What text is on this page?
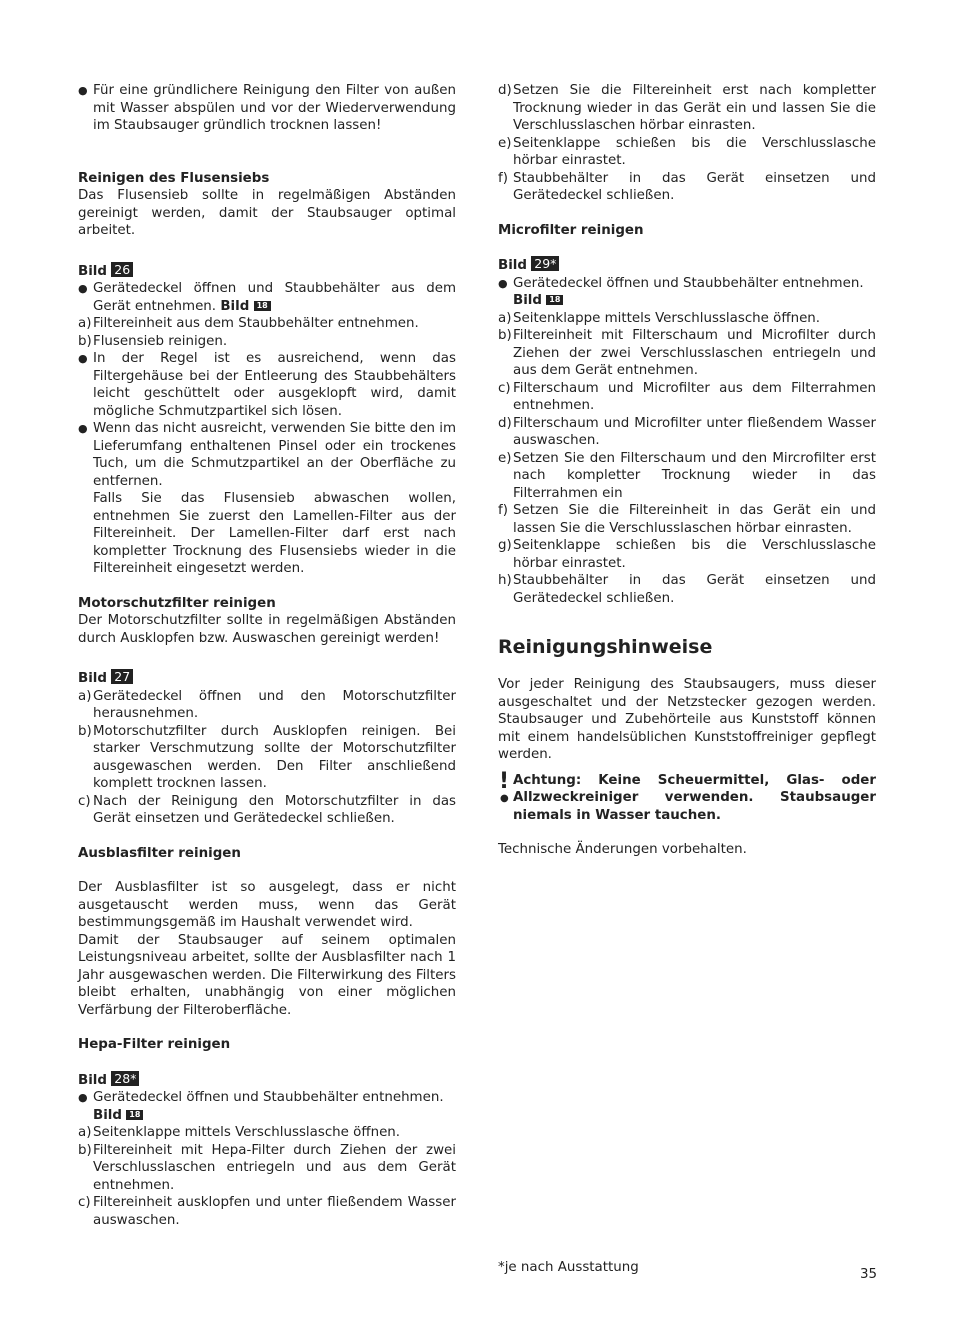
● Für eine gründlichere Reinigung den Filter von außen mit Wasser abspülen und vor der Wiederverwendung im Staubsauger gründlich trocknen lassen!
Reinigen des Flusensiebs

Das Flusensieb sollte in regelmäßigen Abständen gereinigt werden, damit der Staubsauger optimal arbeitet.

Bild 26
● Gerätedeckel öffnen und Staubbehälter aus dem Gerät entnehmen. Bild 18
a) Filtereinheit aus dem Staubbehälter entnehmen.
b) Flusensieb reinigen.
● In der Regel ist es ausreichend, wenn das Filtergehäuse bei der Entleerung des Staubbehälters leicht geschüttelt oder ausgeklopft wird, damit mögliche Schmutzpartikel sich lösen.
● Wenn das nicht ausreicht, verwenden Sie bitte den im Lieferumfang enthaltenen Pinsel oder ein trockenes Tuch, um die Schmutzpartikel an der Oberfläche zu entfernen.
Falls Sie das Flusensieb abwaschen wollen, entnehmen Sie zuerst den Lamellen-Filter aus der Filtereinheit. Der Lamellen-Filter darf erst nach kompletter Trocknung des Flusensiebs wieder in die Filtereinheit eingesetzt werden.
Motorschutzfilter reinigen

Der Motorschutzfilter sollte in regelmäßigen Abständen durch Ausklopfen bzw. Auswaschen gereinigt werden!

Bild 27
a) Gerätedeckel öffnen und den Motorschutzfilter herausnehmen.
b) Motorschutzfilter durch Ausklopfen reinigen. Bei starker Verschmutzung sollte der Motorschutzfilter ausgewaschen werden. Den Filter anschließend komplett trocknen lassen.
c) Nach der Reinigung den Motorschutzfilter in das Gerät einsetzen und Gerätedeckel schließen.
Ausblasfilter reinigen

Der Ausblasfilter ist so ausgelegt, dass er nicht ausgetauscht werden muss, wenn das Gerät bestimmungsgemäß im Haushalt verwendet wird.

Damit der Staubsauger auf seinem optimalen Leistungsniveau arbeitet, sollte der Ausblasfilter nach 1 Jahr ausgewaschen werden. Die Filterwirkung des Filters bleibt erhalten, unabhängig von einer möglichen Verfärbung der Filteroberfläche.

Hepa-Filter reinigen
Bild 28*
● Gerätedeckel öffnen und Staubbehälter entnehmen.
Bild 18
a) Seitenklappe mittels Verschlusslasche öffnen.
b) Filtereinheit mit Hepa-Filter durch Ziehen der zwei Verschlusslaschen entriegeln und aus dem Gerät entnehmen.
c) Filtereinheit ausklopfen und unter fließendem Wasser auswaschen.
d) Setzen Sie die Filtereinheit erst nach kompletter Trocknung wieder in das Gerät ein und lassen Sie die Verschlusslaschen hörbar einrasten.
e) Seitenklappe schießen bis die Verschlusslasche hörbar einrastet.
f) Staubbehälter in das Gerät einsetzen und Gerätedeckel schließen.
Microfilter reinigen
Bild 29*
● Gerätedeckel öffnen und Staubbehälter entnehmen.
Bild 18
a) Seitenklappe mittels Verschlusslasche öffnen.
b) Filtereinheit mit Filterschaum und Microfilter durch Ziehen der zwei Verschlusslaschen entriegeln und aus dem Gerät entnehmen.
c) Filterschaum und Microfilter aus dem Filterrahmen entnehmen.
d) Filterschaum und Microfilter unter fließendem Wasser auswaschen.
e) Setzen Sie den Filterschaum und den Mircrofilter erst nach kompletter Trocknung wieder in das Filterrahmen ein
f) Setzen Sie die Filtereinheit in das Gerät ein und lassen Sie die Verschlusslaschen hörbar einrasten.
g) Seitenklappe schießen bis die Verschlusslasche hörbar einrastet.
h) Staubbehälter in das Gerät einsetzen und Gerätedeckel schließen.
Reinigungshinweise

Vor jeder Reinigung des Staubsaugers, muss dieser ausgeschaltet und der Netzstecker gezogen werden. Staubsauger und Zubehörteile aus Kunststoff können mit einem handelsüblichen Kunststoffreiniger gepflegt werden.

!
●
Achtung: Keine Scheuermittel, Glas- oder Allzweckreiniger verwenden. Staubsauger niemals in Wasser tauchen.

Technische Änderungen vorbehalten.

*je nach Ausstattung	35
